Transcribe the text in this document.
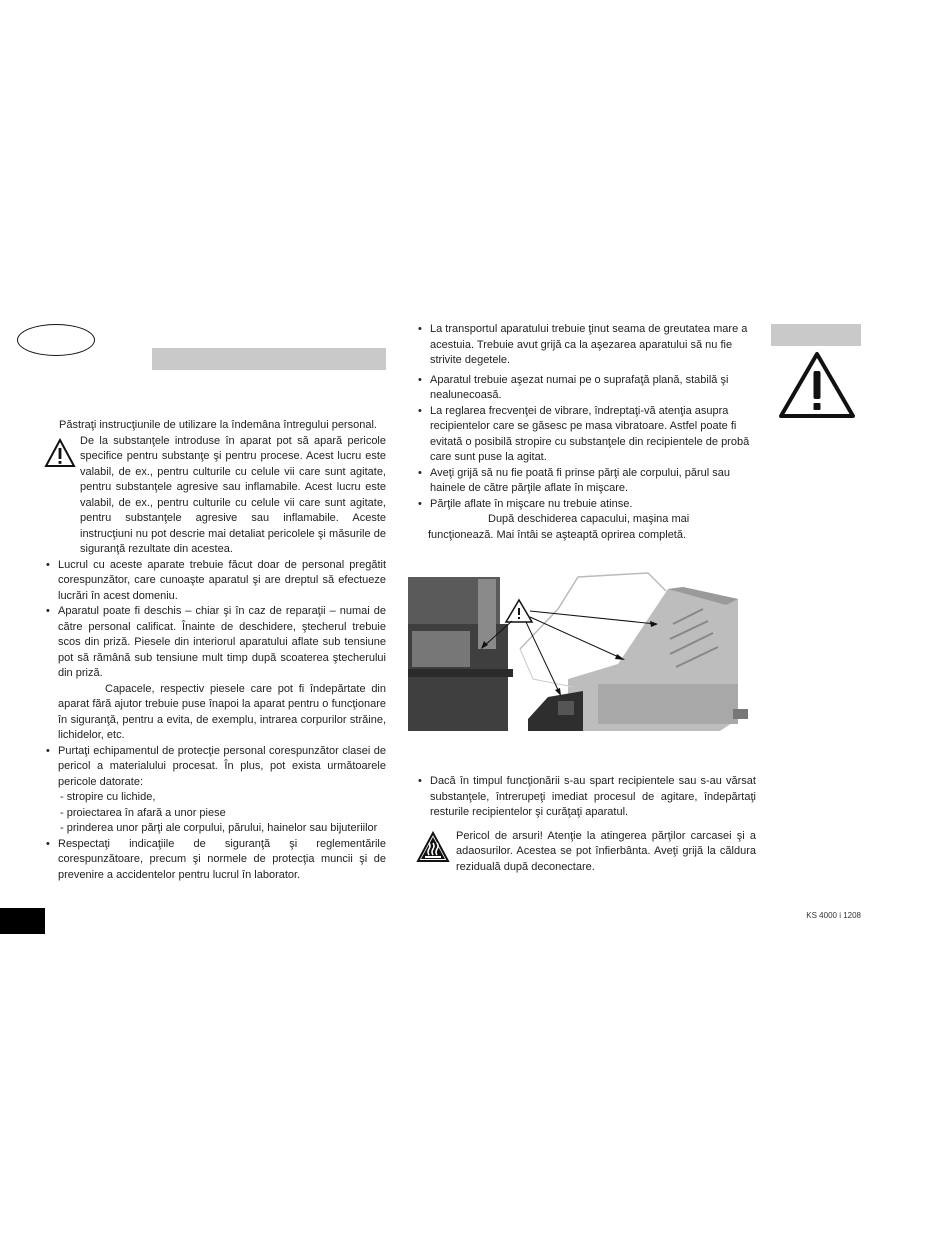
Păstraţi instrucţiunile de utilizare la îndemâna întregului personal.

De la substanţele introduse în aparat pot să apară pericole specifice pentru substanţe şi pentru procese. Acest lucru este valabil, de ex., pentru culturile cu celule vii care sunt agitate, pentru substanţele agresive sau inflamabile. Acest lucru este valabil, de ex., pentru culturile cu celule vii care sunt agitate, pentru substanţele agresive sau inflamabile. Aceste instrucţiuni nu pot descrie mai detaliat pericolele şi măsurile de siguranţă rezultate din acestea.

• Lucrul cu aceste aparate trebuie făcut doar de personal pregătit corespunzător, care cunoaşte aparatul şi are dreptul să efectueze lucrări în acest domeniu.

• Aparatul poate fi deschis – chiar şi în caz de reparaţii – numai de către personal calificat. Înainte de deschidere, ştecherul trebuie scos din priză. Piesele din interiorul aparatului aflate sub tensiune pot să rămână sub tensiune mult timp după scoaterea ştecherului din priză.

Capacele, respectiv piesele care pot fi îndepărtate din aparat fără ajutor trebuie puse înapoi la aparat pentru o funcţionare în siguranţă, pentru a evita, de exemplu, intrarea corpurilor străine, lichidelor, etc.

• Purtaţi echipamentul de protecţie personal corespunzător clasei de pericol a materialului procesat. În plus, pot exista următoarele pericole datorate:

- stropire cu lichide,

- proiectarea în afară a unor piese

- prinderea unor părţi ale corpului, părului, hainelor sau bijuteriilor

• Respectaţi indicaţiile de siguranţă şi reglementările corespunzătoare, precum şi normele de protecţia muncii şi de prevenire a accidentelor pentru lucrul în laborator.

• La transportul aparatului trebuie ţinut seama de greutatea mare a acestuia. Trebuie avut grijă ca la aşezarea aparatului să nu fie strivite degetele.

• Aparatul trebuie aşezat numai pe o suprafaţă plană, stabilă şi nealunecoasă.

• La reglarea frecvenţei de vibrare, îndreptaţi-vă atenţia asupra recipientelor care se găsesc pe masa vibratoare. Astfel poate fi evitată o posibilă stropire cu substanţele din recipientele de probă care sunt puse la agitat.

• Aveţi grijă să nu fie poată fi prinse părţi ale corpului, părul sau hainele de către părţile aflate în mişcare.

• Părţile aflate în mişcare nu trebuie atinse.

După deschiderea capacului, maşina mai funcţionează. Mai întâi se aşteaptă oprirea completă.

• Dacă în timpul funcţionării s-au spart recipientele sau s-au vărsat substanţele, întrerupeţi imediat procesul de agitare, îndepărtaţi resturile recipientelor şi curăţaţi aparatul.

Pericol de arsuri! Atenţie la atingerea părţilor carcasei şi a adaosurilor. Acestea se pot înfierbânta. Aveţi grijă la căldura reziduală după deconectare.

KS 4000 i 1208
